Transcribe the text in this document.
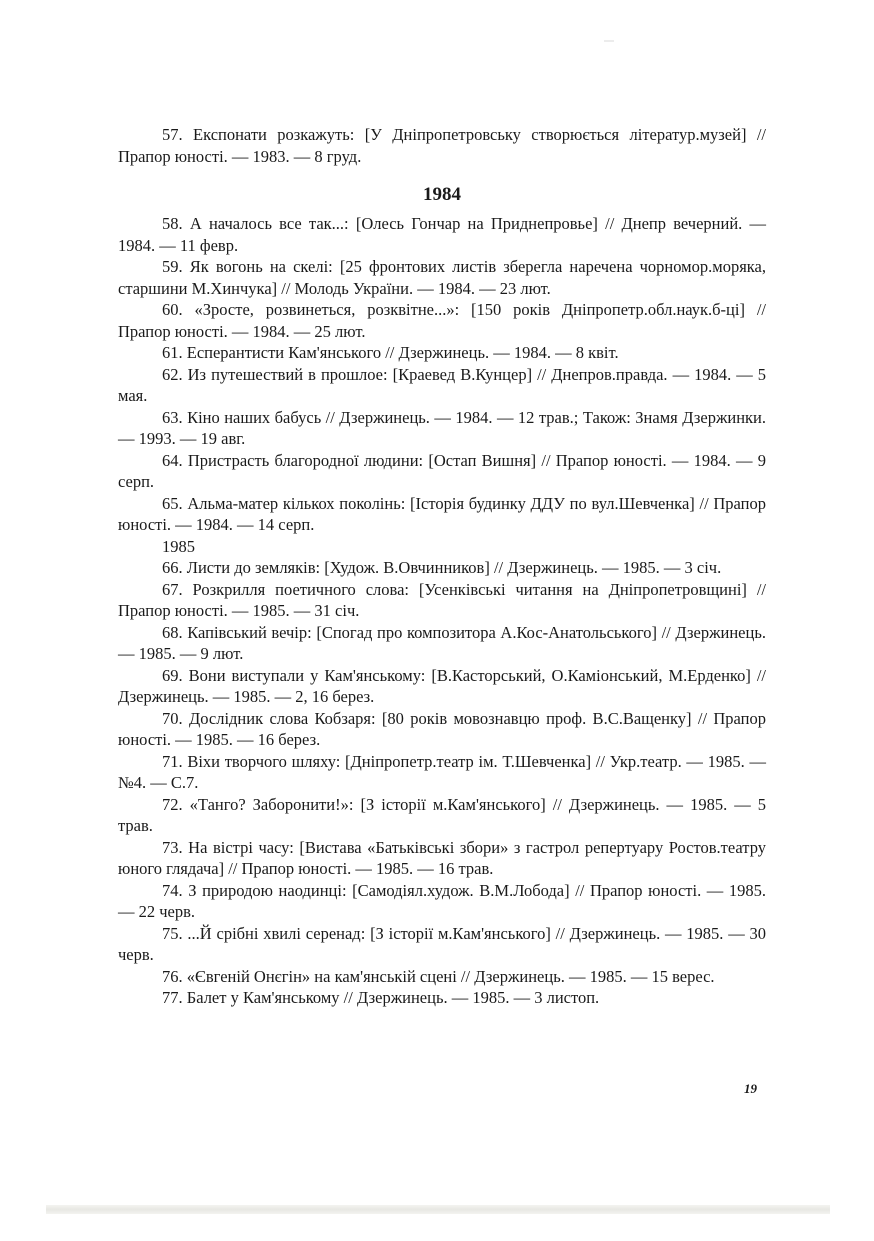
57. Експонати розкажуть: [У Дніпропетровську створюється літератур.музей] // Прапор юності. — 1983. — 8 груд.

1984

58. А началось все так...: [Олесь Гончар на Приднепровье] // Днепр вечерний. — 1984. — 11 февр.

59. Як вогонь на скелі: [25 фронтових листів зберегла наречена чорномор.моряка, старшини М.Хинчука] // Молодь України. — 1984. — 23 лют.

60. «Зросте, розвинеться, розквітне...»: [150 років Дніпропетр.обл.наук.б-ці] // Прапор юності. — 1984. — 25 лют.

61. Есперантисти Кам'янського // Дзержинець. — 1984. — 8 квіт.

62. Из путешествий в прошлое: [Краевед В.Кунцер] // Днепров.правда. — 1984. — 5 мая.

63. Кіно наших бабусь // Дзержинець. — 1984. — 12 трав.; Також: Знамя Дзержинки. — 1993. — 19 авг.

64. Пристрасть благородної людини: [Остап Вишня] // Прапор юності. — 1984. — 9 серп.

65. Альма-матер кількох поколінь: [Історія будинку ДДУ по вул.Шевченка] // Прапор юності. — 1984. — 14 серп.

1985

66. Листи до земляків: [Худож. В.Овчинников] // Дзержинець. — 1985. — 3 січ.

67. Розкрилля поетичного слова: [Усенківські читання на Дніпропетровщині] // Прапор юності. — 1985. — 31 січ.

68. Капівський вечір: [Спогад про композитора А.Кос-Анатольського] // Дзержинець. — 1985. — 9 лют.

69. Вони виступали у Кам'янському: [В.Касторський, О.Каміонський, М.Ерденко] // Дзержинець. — 1985. — 2, 16 берез.

70. Дослідник слова Кобзаря: [80 років мовознавцю проф. В.С.Ващенку] // Прапор юності. — 1985. — 16 берез.

71. Віхи творчого шляху: [Дніпропетр.театр ім. Т.Шевченка] // Укр.театр. — 1985. — №4. — С.7.

72. «Танго? Заборонити!»: [З історії м.Кам'янського] // Дзержинець. — 1985. — 5 трав.

73. На вістрі часу: [Вистава «Батьківські збори» з гастрол репертуару Ростов.театру юного глядача] // Прапор юності. — 1985. — 16 трав.

74. З природою наодинці: [Самодіял.худож. В.М.Лобода] // Прапор юності. — 1985. — 22 черв.

75. ...Й срібні хвилі серенад: [З історії м.Кам'янського] // Дзержинець. — 1985. — 30 черв.

76. «Євгеній Онєгін» на кам'янській сцені // Дзержинець. — 1985. — 15 верес.

77. Балет у Кам'янському // Дзержинець. — 1985. — 3 листоп.

19
